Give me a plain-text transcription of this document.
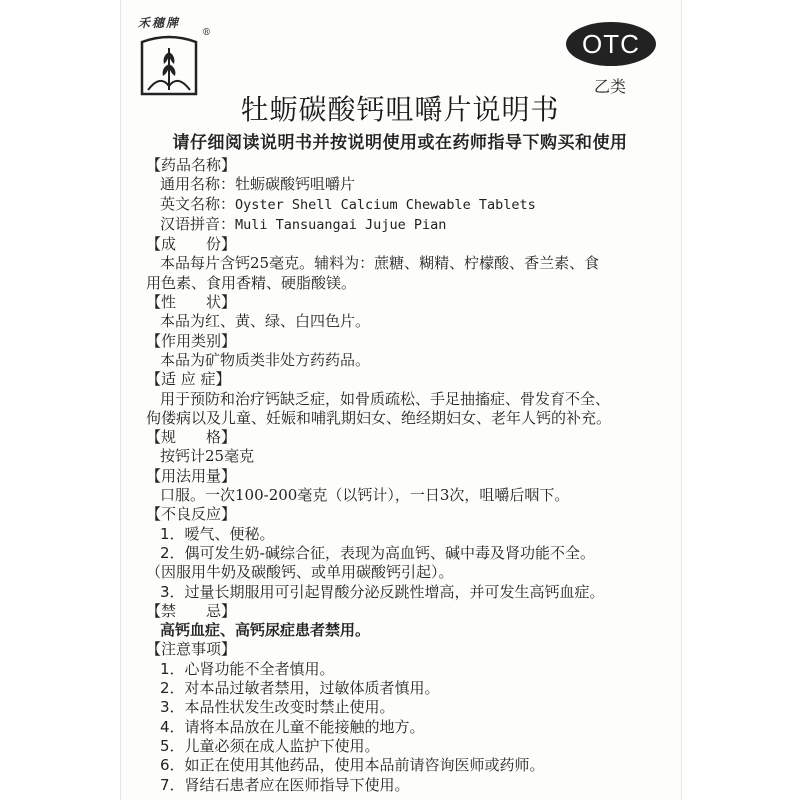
禾穗牌
®	OTC
乙类
牡蛎碳酸钙咀嚼片说明书
请仔细阅读说明书并按说明使用或在药师指导下购买和使用
【药品名称】
通用名称：牡蛎碳酸钙咀嚼片
英文名称：Oyster Shell Calcium Chewable Tablets
汉语拼音：Muli Tansuangai Jujue Pian
【成　　份】
本品每片含钙25毫克。辅料为：蔗糖、糊精、柠檬酸、香兰素、食
用色素、食用香精、硬脂酸镁。
【性　　状】
本品为红、黄、绿、白四色片。
【作用类别】
本品为矿物质类非处方药药品。
【适 应 症】
用于预防和治疗钙缺乏症，如骨质疏松、手足抽搐症、骨发育不全、
佝偻病以及儿童、妊娠和哺乳期妇女、绝经期妇女、老年人钙的补充。
【规　　格】
按钙计25毫克
【用法用量】
口服。一次100-200毫克（以钙计），一日3次，咀嚼后咽下。
【不良反应】
1．嗳气、便秘。
2．偶可发生奶-碱综合征，表现为高血钙、碱中毒及肾功能不全。
（因服用牛奶及碳酸钙、或单用碳酸钙引起）。
3．过量长期服用可引起胃酸分泌反跳性增高，并可发生高钙血症。
【禁　　忌】
高钙血症、高钙尿症患者禁用。
【注意事项】
1．心肾功能不全者慎用。
2．对本品过敏者禁用，过敏体质者慎用。
3．本品性状发生改变时禁止使用。
4．请将本品放在儿童不能接触的地方。
5．儿童必须在成人监护下使用。
6．如正在使用其他药品，使用本品前请咨询医师或药师。
7．肾结石患者应在医师指导下使用。
